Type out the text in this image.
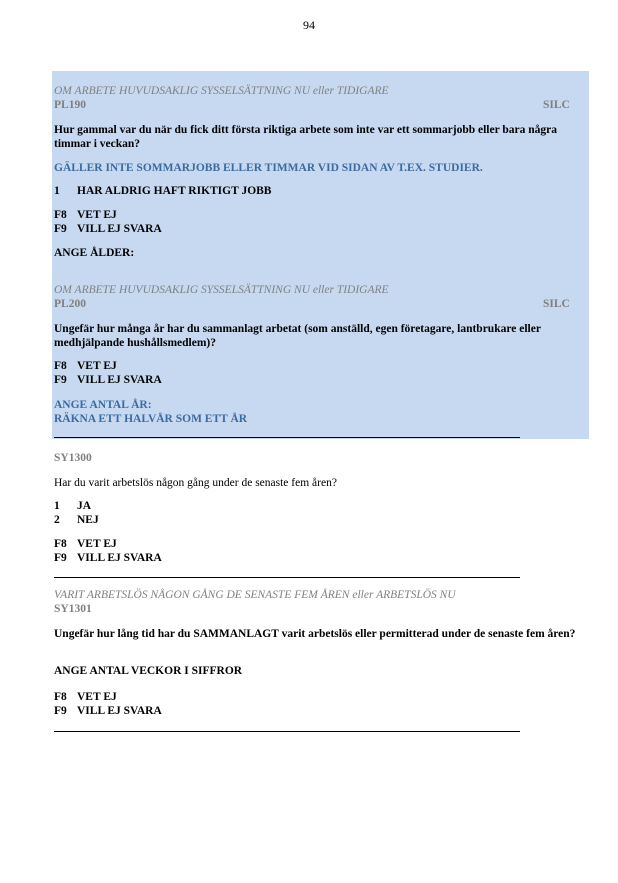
94
OM ARBETE HUVUDSAKLIG SYSSELSÄTTNING NU eller TIDIGARE
PL190	SILC
Hur gammal var du när du fick ditt första riktiga arbete som inte var ett sommarjobb eller bara några timmar i veckan?
GÄLLER INTE SOMMARJOBB ELLER TIMMAR VID SIDAN AV T.EX. STUDIER.
1 HAR ALDRIG HAFT RIKTIGT JOBB
F8 VET EJ
F9 VILL EJ SVARA
ANGE ÅLDER:
OM ARBETE HUVUDSAKLIG SYSSELSÄTTNING NU eller TIDIGARE
PL200	SILC
Ungefär hur många år har du sammanlagt arbetat (som anställd, egen företagare, lantbrukare eller medhjälpande hushållsmedlem)?
F8 VET EJ
F9 VILL EJ SVARA
ANGE ANTAL ÅR:
RÄKNA ETT HALVÅR SOM ETT ÅR
SY1300
Har du varit arbetslös någon gång under de senaste fem åren?
1 JA
2 NEJ
F8 VET EJ
F9 VILL EJ SVARA
VARIT ARBETSLÖS NÅGON GÅNG DE SENASTE FEM ÅREN eller ARBETSLÖS NU
SY1301
Ungefär hur lång tid har du SAMMANLAGT varit arbetslös eller permitterad under de senaste fem åren?
ANGE ANTAL VECKOR I SIFFROR
F8 VET EJ
F9 VILL EJ SVARA
